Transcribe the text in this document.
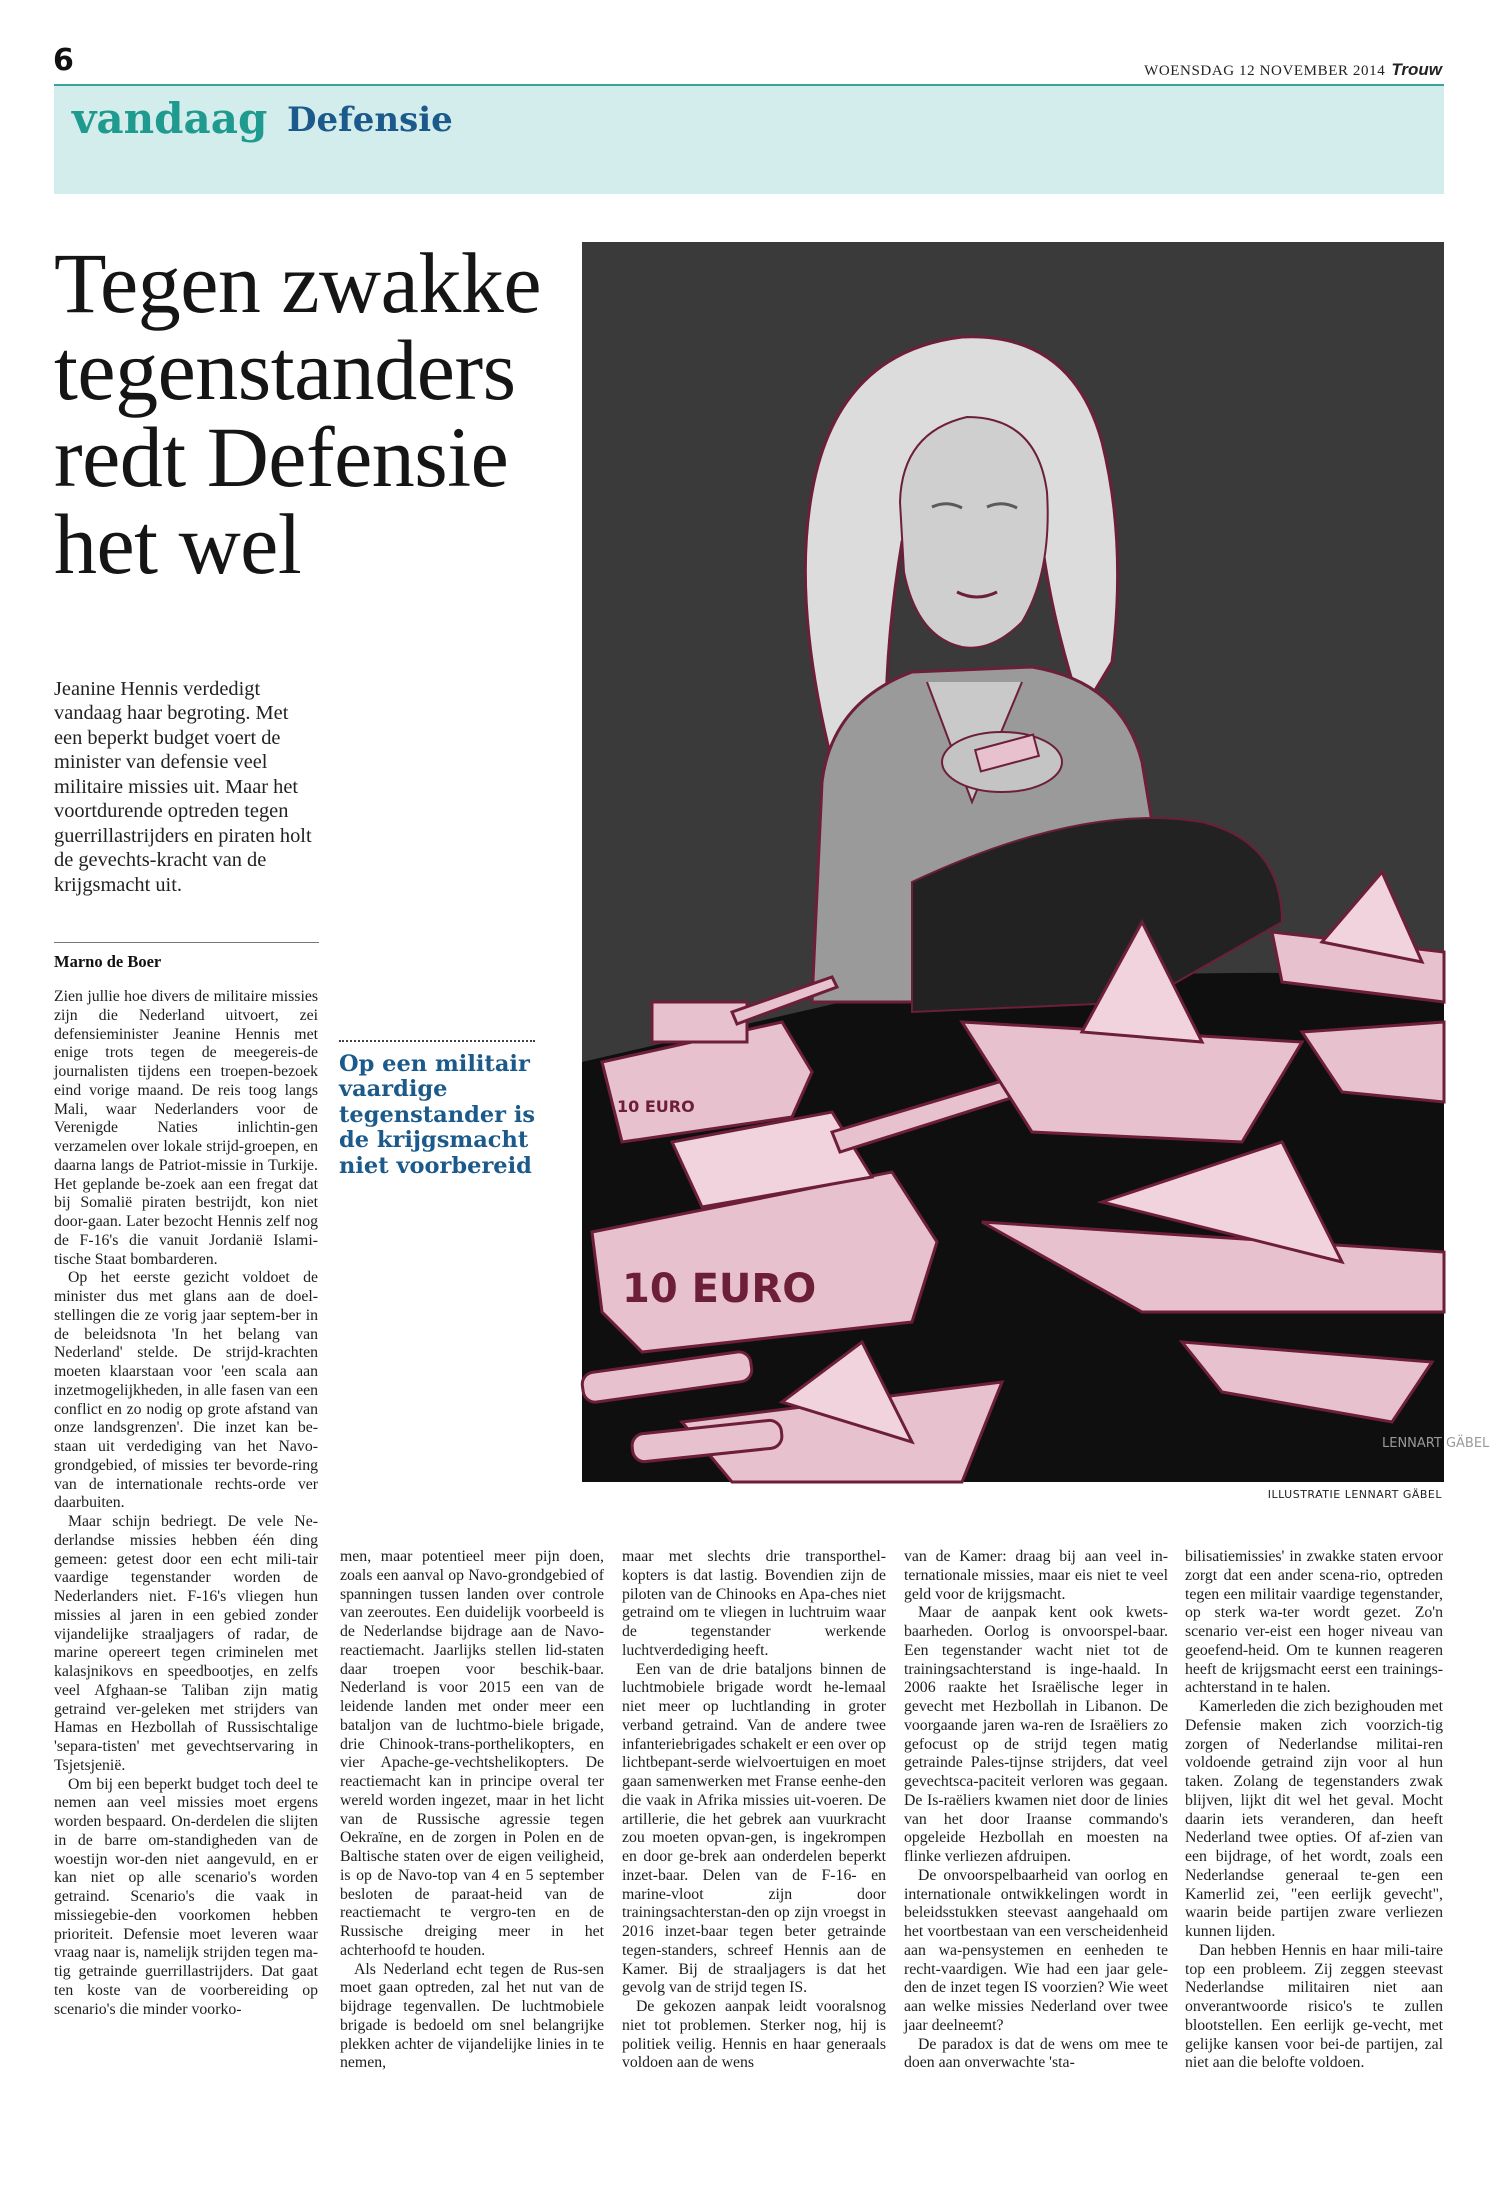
6	WOENSDAG 12 NOVEMBER 2014 Trouw
vandaag Defensie
Tegen zwakke tegenstanders redt Defensie het wel
Jeanine Hennis verdedigt vandaag haar begroting. Met een beperkt budget voert de minister van defensie veel militaire missies uit. Maar het voortdurende optreden tegen guerrillastrijders en piraten holt de gevechts-kracht van de krijgsmacht uit.
Marno de Boer

Zien jullie hoe divers de militaire missies zijn die Nederland uitvoert, zei defensieminister Jeanine Hennis met enige trots tegen de meegereis-de journalisten tijdens een troepen-bezoek eind vorige maand. De reis toog langs Mali, waar Nederlanders voor de Verenigde Naties inlichtin-gen verzamelen over lokale strijd-groepen, en daarna langs de Patriot-missie in Turkije. Het geplande be-zoek aan een fregat dat bij Somalië piraten bestrijdt, kon niet door-gaan. Later bezocht Hennis zelf nog de F-16's die vanuit Jordanië Islami-tische Staat bombarderen.

Op het eerste gezicht voldoet de minister dus met glans aan de doel-stellingen die ze vorig jaar septem-ber in de beleidsnota 'In het belang van Nederland' stelde. De strijd-krachten moeten klaarstaan voor 'een scala aan inzetmogelijkheden, in alle fasen van een conflict en zo nodig op grote afstand van onze landsgrenzen'. Die inzet kan be-staan uit verdediging van het Navo-grondgebied, of missies ter bevorde-ring van de internationale rechts-orde ver daarbuiten.

Maar schijn bedriegt. De vele Ne-derlandse missies hebben één ding gemeen: getest door een echt mili-tair vaardige tegenstander worden de Nederlanders niet. F-16's vliegen hun missies al jaren in een gebied zonder vijandelijke straaljagers of radar, de marine opereert tegen criminelen met kalasjnikovs en speedbootjes, en zelfs veel Afghaan-se Taliban zijn matig getraind ver-geleken met strijders van Hamas en Hezbollah of Russischtalige 'separa-tisten' met gevechtservaring in Tsjetsjenië.

Om bij een beperkt budget toch deel te nemen aan veel missies moet ergens worden bespaard. On-derdelen die slijten in de barre om-standigheden van de woestijn wor-den niet aangevuld, en er kan niet op alle scenario's worden getraind. Scenario's die vaak in missiegebie-den voorkomen hebben prioriteit. Defensie moet leveren waar vraag naar is, namelijk strijden tegen ma-tig getrainde guerrillastrijders. Dat gaat ten koste van de voorbereiding op scenario's die minder voorko-

Op een militair vaardige tegenstander is de krijgsmacht niet voorbereid
10 EURO
10 EURO
LENNART GÄBEL
ILLUSTRATIE LENNART GÄBEL

men, maar potentieel meer pijn doen, zoals een aanval op Navo-grondgebied of spanningen tussen landen over controle van zeeroutes. Een duidelijk voorbeeld is de Nederlandse bijdrage aan de Navo-reactiemacht. Jaarlijks stellen lid-staten daar troepen voor beschik-baar. Nederland is voor 2015 een van de leidende landen met onder meer een bataljon van de luchtmo-biele brigade, drie Chinook-trans-porthelikopters, en vier Apache-ge-vechtshelikopters. De reactiemacht kan in principe overal ter wereld worden ingezet, maar in het licht van de Russische agressie tegen Oekraïne, en de zorgen in Polen en de Baltische staten over de eigen veiligheid, is op de Navo-top van 4 en 5 september besloten de paraat-heid van de reactiemacht te vergro-ten en de Russische dreiging meer in het achterhoofd te houden.

Als Nederland echt tegen de Rus-sen moet gaan optreden, zal het nut van de bijdrage tegenvallen. De luchtmobiele brigade is bedoeld om snel belangrijke plekken achter de vijandelijke linies in te nemen,

maar met slechts drie transporthel-kopters is dat lastig. Bovendien zijn de piloten van de Chinooks en Apa-ches niet getraind om te vliegen in luchtruim waar de tegenstander werkende luchtverdediging heeft.

Een van de drie bataljons binnen de luchtmobiele brigade wordt he-lemaal niet meer op luchtlanding in groter verband getraind. Van de andere twee infanteriebrigades schakelt er een over op lichtbepant-serde wielvoertuigen en moet gaan samenwerken met Franse eenhe-den die vaak in Afrika missies uit-voeren. De artillerie, die het gebrek aan vuurkracht zou moeten opvan-gen, is ingekrompen en door ge-brek aan onderdelen beperkt inzet-baar. Delen van de F-16- en marine-vloot zijn door trainingsachterstan-den op zijn vroegst in 2016 inzet-baar tegen beter getrainde tegen-standers, schreef Hennis aan de Kamer. Bij de straaljagers is dat het gevolg van de strijd tegen IS.

De gekozen aanpak leidt vooralsnog niet tot problemen. Sterker nog, hij is politiek veilig. Hennis en haar generaals voldoen aan de wens

van de Kamer: draag bij aan veel in-ternationale missies, maar eis niet te veel geld voor de krijgsmacht.

Maar de aanpak kent ook kwets-baarheden. Oorlog is onvoorspel-baar. Een tegenstander wacht niet tot de trainingsachterstand is inge-haald. In 2006 raakte het Israëlische leger in gevecht met Hezbollah in Libanon. De voorgaande jaren wa-ren de Israëliers zo gefocust op de strijd tegen matig getrainde Pales-tijnse strijders, dat veel gevechtsca-paciteit verloren was gegaan. De Is-raëliers kwamen niet door de linies van het door Iraanse commando's opgeleide Hezbollah en moesten na flinke verliezen afdruipen.

De onvoorspelbaarheid van oorlog en internationale ontwikkelingen wordt in beleidsstukken steevast aangehaald om het voortbestaan van een verscheidenheid aan wa-pensystemen en eenheden te recht-vaardigen. Wie had een jaar gele-den de inzet tegen IS voorzien? Wie weet aan welke missies Nederland over twee jaar deelneemt?

De paradox is dat de wens om mee te doen aan onverwachte 'sta-

bilisatiemissies' in zwakke staten ervoor zorgt dat een ander scena-rio, optreden tegen een militair vaardige tegenstander, op sterk wa-ter wordt gezet. Zo'n scenario ver-eist een hoger niveau van geoefend-heid. Om te kunnen reageren heeft de krijgsmacht eerst een trainings-achterstand in te halen.

Kamerleden die zich bezighouden met Defensie maken zich voorzich-tig zorgen of Nederlandse militai-ren voldoende getraind zijn voor al hun taken. Zolang de tegenstanders zwak blijven, lijkt dit wel het geval. Mocht daarin iets veranderen, dan heeft Nederland twee opties. Of af-zien van een bijdrage, of het wordt, zoals een Nederlandse generaal te-gen een Kamerlid zei, "een eerlijk gevecht", waarin beide partijen zware verliezen kunnen lijden.

Dan hebben Hennis en haar mili-taire top een probleem. Zij zeggen steevast Nederlandse militairen niet aan onverantwoorde risico's te zullen blootstellen. Een eerlijk ge-vecht, met gelijke kansen voor bei-de partijen, zal niet aan die belofte voldoen.
